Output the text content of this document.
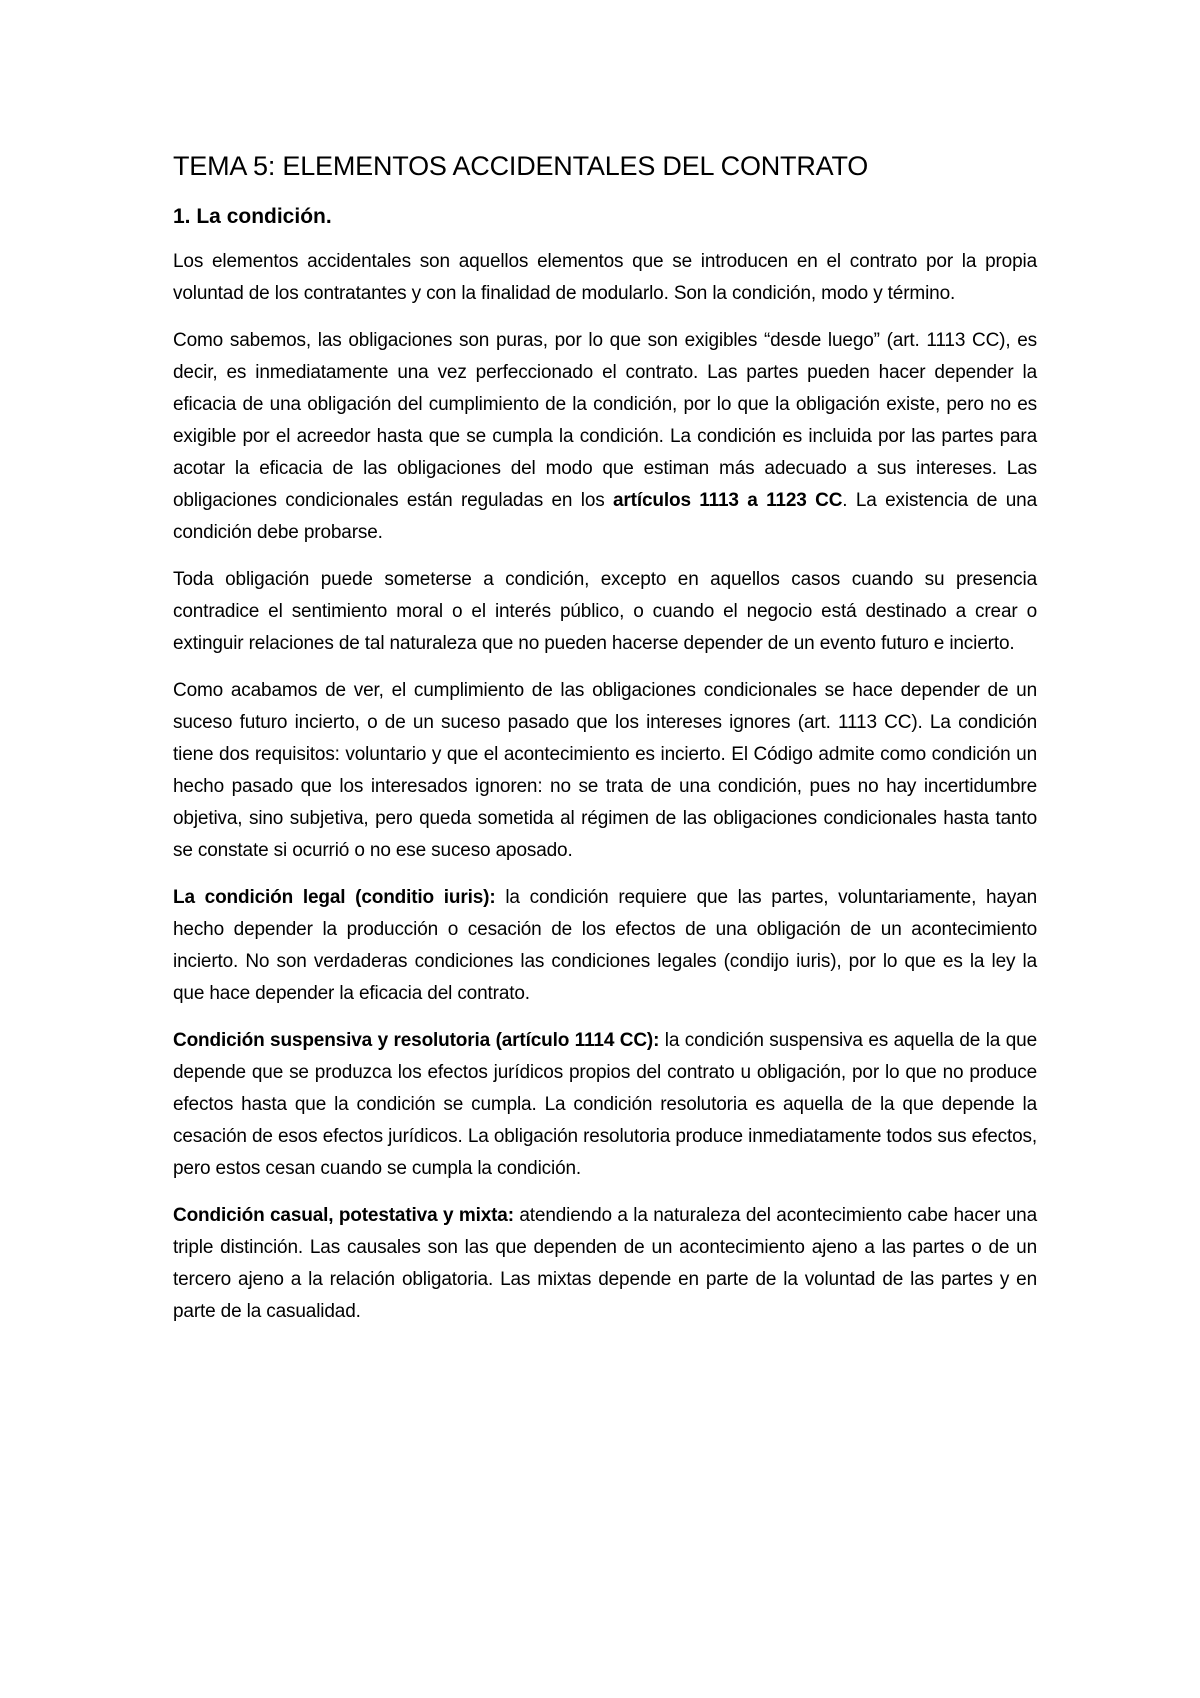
TEMA 5: ELEMENTOS ACCIDENTALES DEL CONTRATO
1. La condición.

Los elementos accidentales son aquellos elementos que se introducen en el contrato por la propia voluntad de los contratantes y con la finalidad de modularlo. Son la condición, modo y término.

Como sabemos, las obligaciones son puras, por lo que son exigibles “desde luego” (art. 1113 CC), es decir, es inmediatamente una vez perfeccionado el contrato. Las partes pueden hacer depender la eficacia de una obligación del cumplimiento de la condición, por lo que la obligación existe, pero no es exigible por el acreedor hasta que se cumpla la condición. La condición es incluida por las partes para acotar la eficacia de las obligaciones del modo que estiman más adecuado a sus intereses. Las obligaciones condicionales están reguladas en los artículos 1113 a 1123 CC. La existencia de una condición debe probarse.

Toda obligación puede someterse a condición, excepto en aquellos casos cuando su presencia contradice el sentimiento moral o el interés público, o cuando el negocio está destinado a crear o extinguir relaciones de tal naturaleza que no pueden hacerse depender de un evento futuro e incierto.

Como acabamos de ver, el cumplimiento de las obligaciones condicionales se hace depender de un suceso futuro incierto, o de un suceso pasado que los intereses ignores (art. 1113 CC). La condición tiene dos requisitos: voluntario y que el acontecimiento es incierto. El Código admite como condición un hecho pasado que los interesados ignoren: no se trata de una condición, pues no hay incertidumbre objetiva, sino subjetiva, pero queda sometida al régimen de las obligaciones condicionales hasta tanto se constate si ocurrió o no ese suceso aposado.

La condición legal (conditio iuris): la condición requiere que las partes, voluntariamente, hayan hecho depender la producción o cesación de los efectos de una obligación de un acontecimiento incierto. No son verdaderas condiciones las condiciones legales (condijo iuris), por lo que es la ley la que hace depender la eficacia del contrato.

Condición suspensiva y resolutoria (artículo 1114 CC): la condición suspensiva es aquella de la que depende que se produzca los efectos jurídicos propios del contrato u obligación, por lo que no produce efectos hasta que la condición se cumpla. La condición resolutoria es aquella de la que depende la cesación de esos efectos jurídicos. La obligación resolutoria produce inmediatamente todos sus efectos, pero estos cesan cuando se cumpla la condición.

Condición casual, potestativa y mixta: atendiendo a la naturaleza del acontecimiento cabe hacer una triple distinción. Las causales son las que dependen de un acontecimiento ajeno a las partes o de un tercero ajeno a la relación obligatoria. Las mixtas depende en parte de la voluntad de las partes y en parte de la casualidad.
